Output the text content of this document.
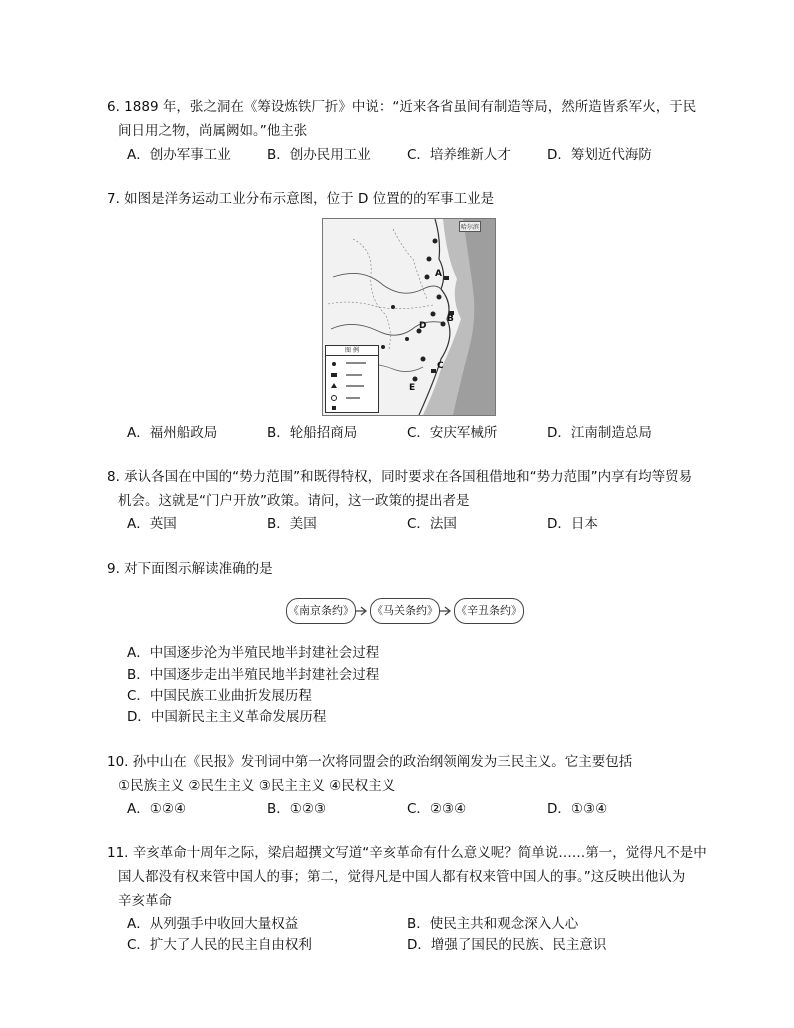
6. 1889 年，张之洞在《筹设炼铁厂折》中说：“近来各省虽间有制造等局，然所造皆系军火，于民
间日用之物，尚属阙如。”他主张
A．创办军事工业	B．创办民用工业	C．培养维新人才	D．筹划近代海防
7. 如图是洋务运动工业分布示意图，位于 D 位置的的军事工业是
哈尔滨
A
B
C
D
E
图 例
A．福州船政局	B．轮船招商局	C．安庆军械所	D．江南制造总局
8. 承认各国在中国的“势力范围”和既得特权，同时要求在各国租借地和“势力范围”内享有均等贸易
机会。这就是“门户开放”政策。请问，这一政策的提出者是
A．英国	B．美国	C．法国	D．日本
9. 对下面图示解读准确的是
《南京条约》 《马关条约》 《辛丑条约》
A．中国逐步沦为半殖民地半封建社会过程
B．中国逐步走出半殖民地半封建社会过程
C．中国民族工业曲折发展历程
D．中国新民主主义革命发展历程
10. 孙中山在《民报》发刊词中第一次将同盟会的政治纲领阐发为三民主义。它主要包括
①民族主义 ②民生主义 ③民主主义 ④民权主义
A．①②④	B．①②③	C．②③④	D．①③④
11. 辛亥革命十周年之际，梁启超撰文写道“辛亥革命有什么意义呢？简单说……第一，觉得凡不是中
国人都没有权来管中国人的事；第二，觉得凡是中国人都有权来管中国人的事。”这反映出他认为
辛亥革命
A．从列强手中收回大量权益	B．使民主共和观念深入人心
C．扩大了人民的民主自由权利	D．增强了国民的民族、民主意识
